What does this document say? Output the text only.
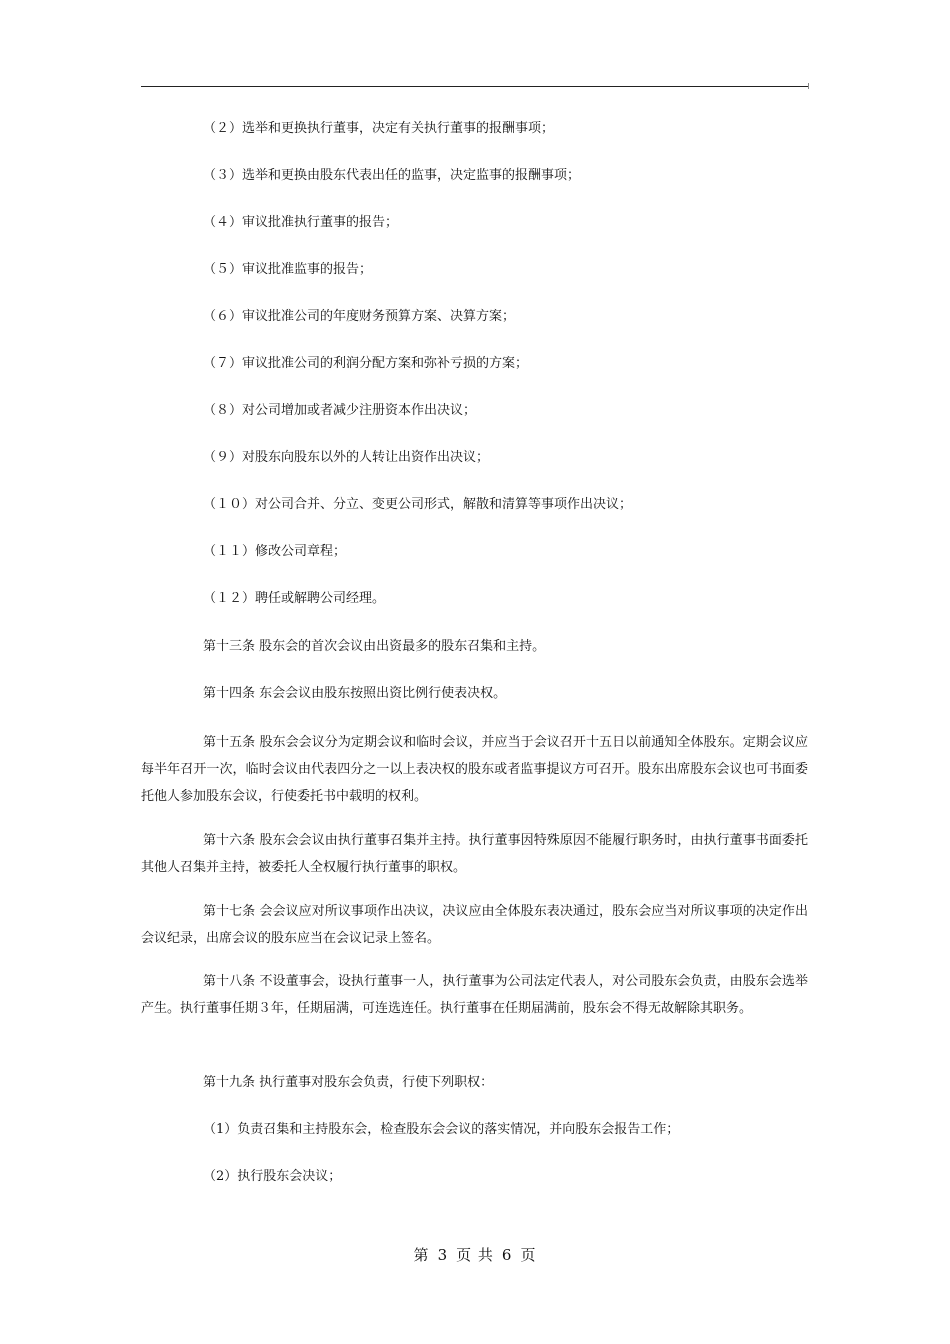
（２）选举和更换执行董事，决定有关执行董事的报酬事项；
（３）选举和更换由股东代表出任的监事，决定监事的报酬事项；
（４）审议批准执行董事的报告；
（５）审议批准监事的报告；
（６）审议批准公司的年度财务预算方案、决算方案；
（７）审议批准公司的利润分配方案和弥补亏损的方案；
（８）对公司增加或者减少注册资本作出决议；
（９）对股东向股东以外的人转让出资作出决议；
（１０）对公司合并、分立、变更公司形式，解散和清算等事项作出决议；
（１１）修改公司章程；
（１２）聘任或解聘公司经理。
第十三条 股东会的首次会议由出资最多的股东召集和主持。
第十四条 东会会议由股东按照出资比例行使表决权。

第十五条 股东会会议分为定期会议和临时会议，并应当于会议召开十五日以前通知全体股东。定期会议应每半年召开一次，临时会议由代表四分之一以上表决权的股东或者监事提议方可召开。股东出席股东会议也可书面委托他人参加股东会议，行使委托书中载明的权利。

第十六条 股东会会议由执行董事召集并主持。执行董事因特殊原因不能履行职务时，由执行董事书面委托其他人召集并主持，被委托人全权履行执行董事的职权。

第十七条 会会议应对所议事项作出决议，决议应由全体股东表决通过，股东会应当对所议事项的决定作出会议纪录，出席会议的股东应当在会议记录上签名。

第十八条 不设董事会，设执行董事一人，执行董事为公司法定代表人，对公司股东会负责，由股东会选举产生。执行董事任期３年，任期届满，可连选连任。执行董事在任期届满前，股东会不得无故解除其职务。

第十九条 执行董事对股东会负责，行使下列职权：
（1）负责召集和主持股东会，检查股东会会议的落实情况，并向股东会报告工作；
（2）执行股东会决议；
第 3 页 共 6 页
